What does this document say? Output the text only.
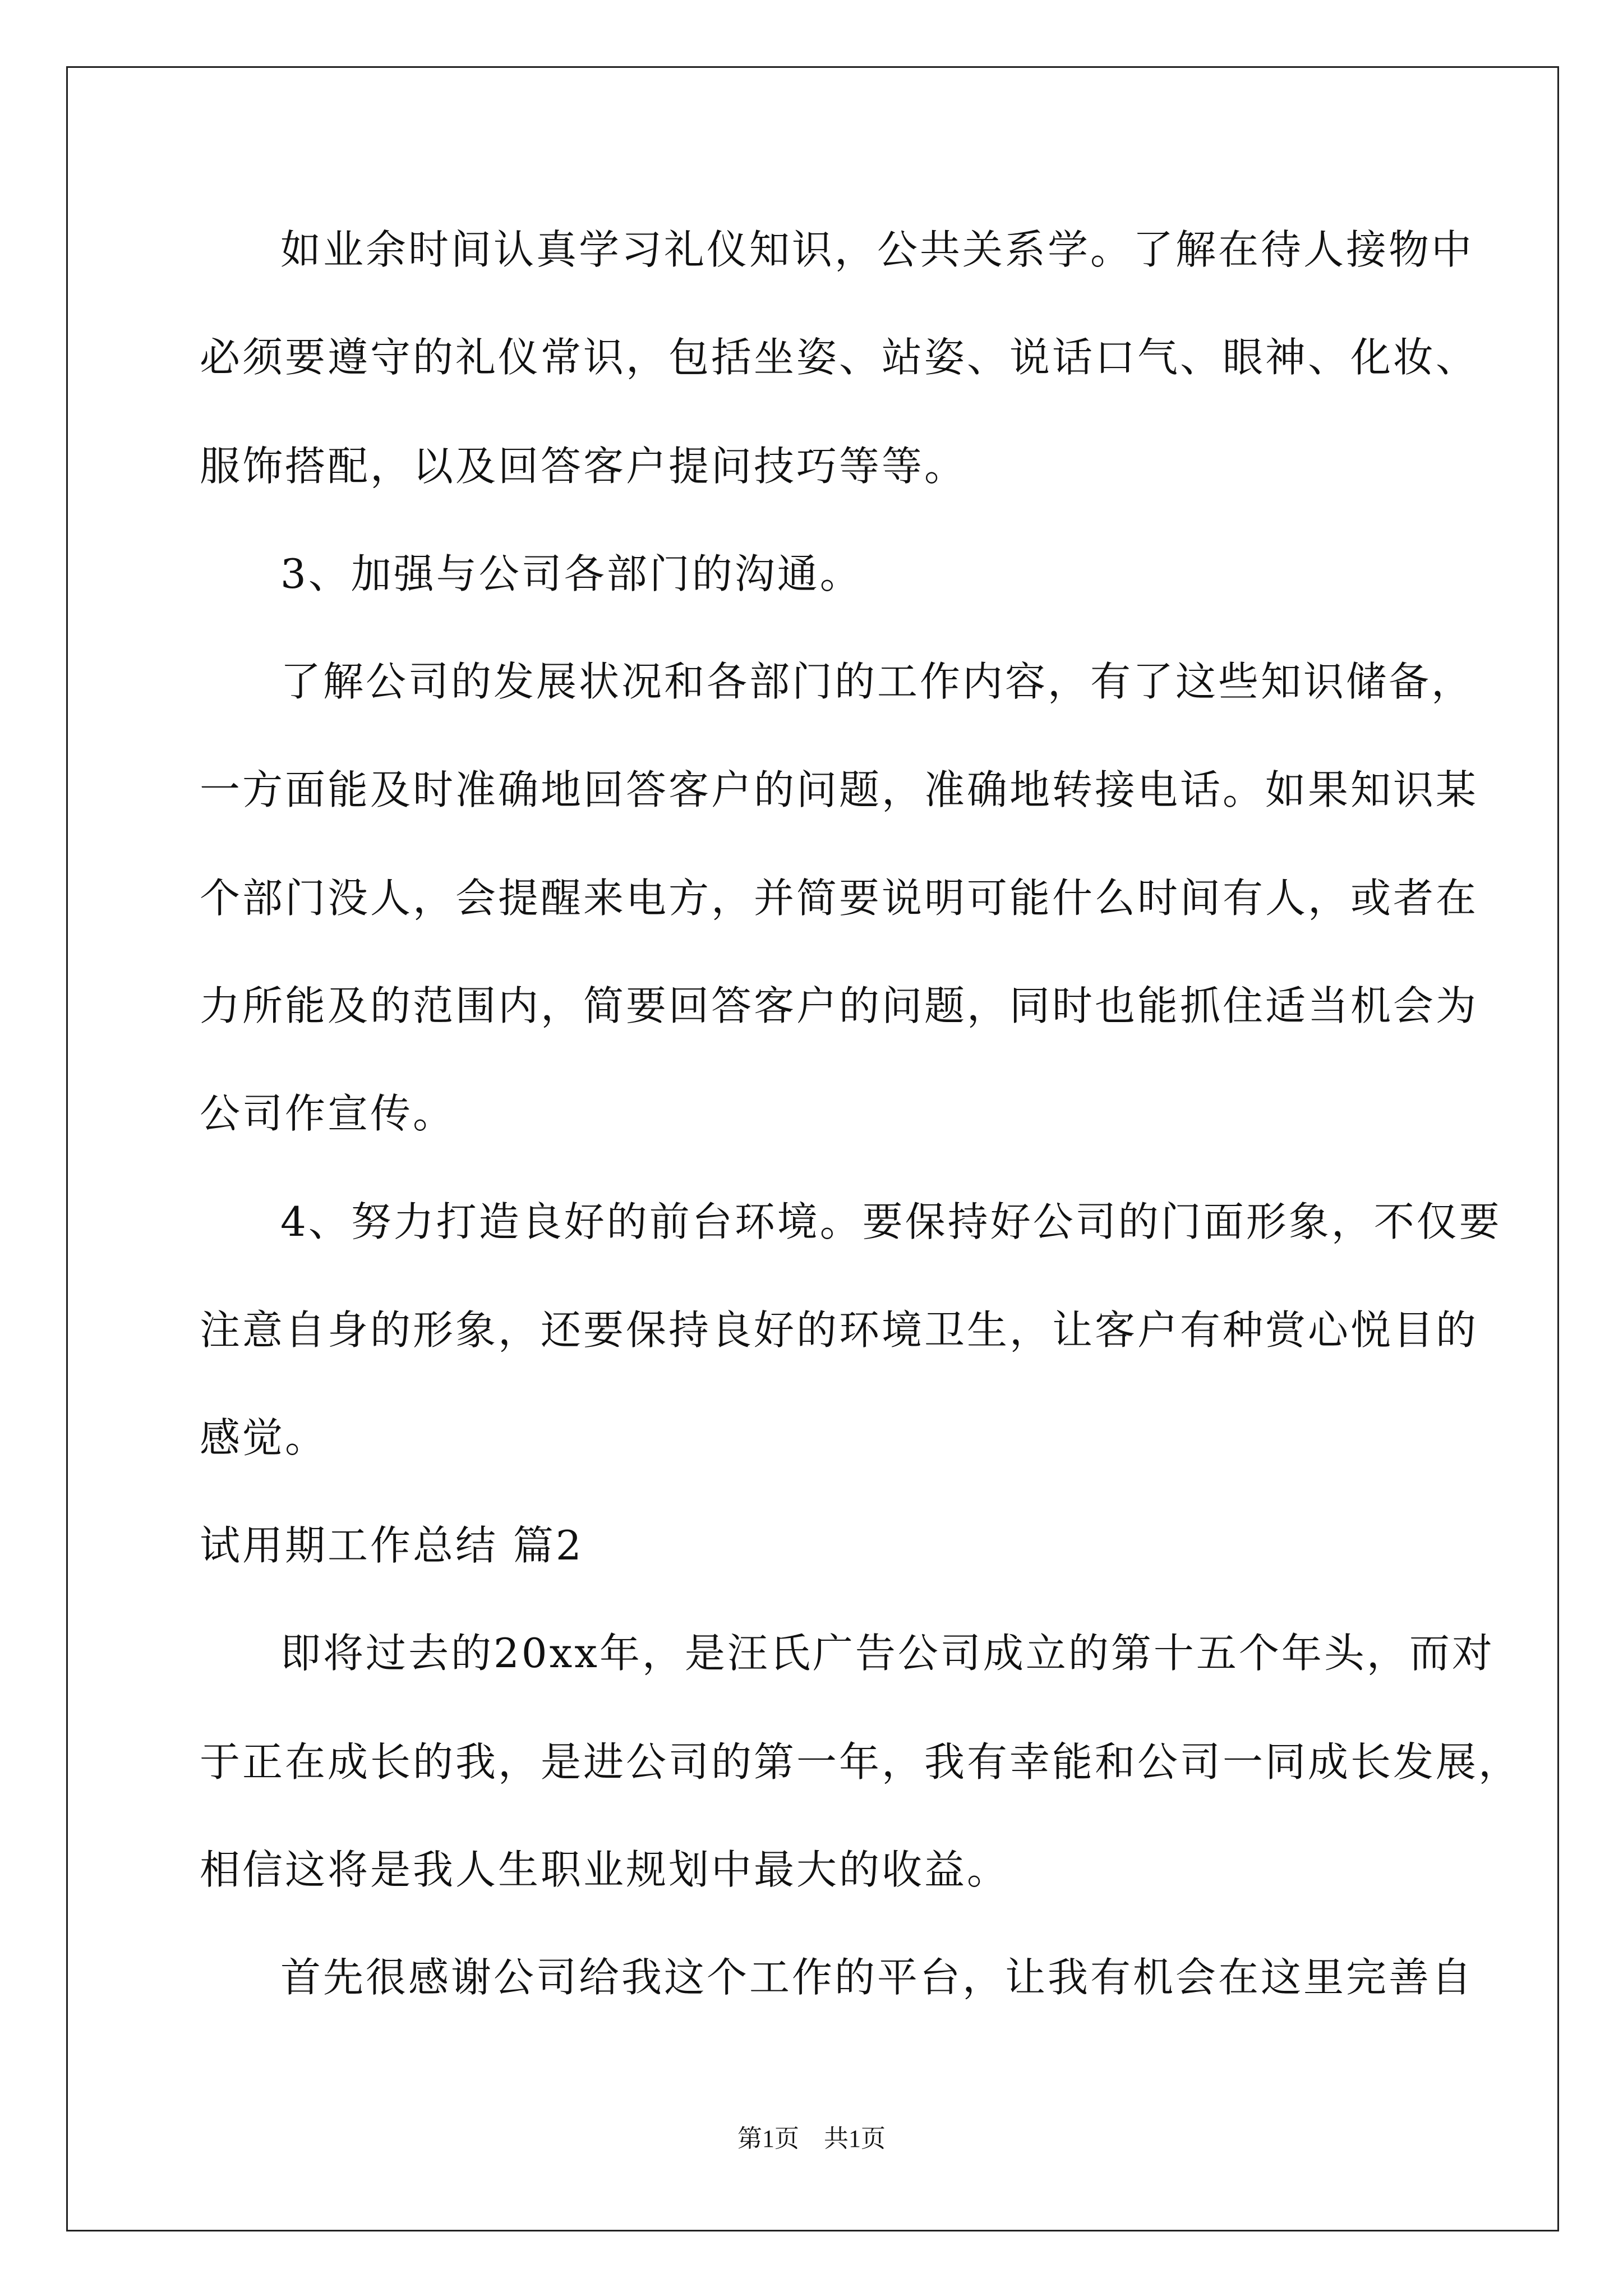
如业余时间认真学习礼仪知识，公共关系学。了解在待人接物中

必须要遵守的礼仪常识，包括坐姿、站姿、说话口气、眼神、化妆、

服饰搭配，以及回答客户提问技巧等等。

3、加强与公司各部门的沟通。

了解公司的发展状况和各部门的工作内容，有了这些知识储备，

一方面能及时准确地回答客户的问题，准确地转接电话。如果知识某

个部门没人，会提醒来电方，并简要说明可能什么时间有人，或者在

力所能及的范围内，简要回答客户的问题，同时也能抓住适当机会为

公司作宣传。

4、努力打造良好的前台环境。要保持好公司的门面形象，不仅要

注意自身的形象，还要保持良好的环境卫生，让客户有种赏心悦目的

感觉。

试用期工作总结 篇2

即将过去的20xx年，是汪氏广告公司成立的第十五个年头，而对

于正在成长的我，是进公司的第一年，我有幸能和公司一同成长发展，

相信这将是我人生职业规划中最大的收益。

首先很感谢公司给我这个工作的平台，让我有机会在这里完善自

第1页　共1页
